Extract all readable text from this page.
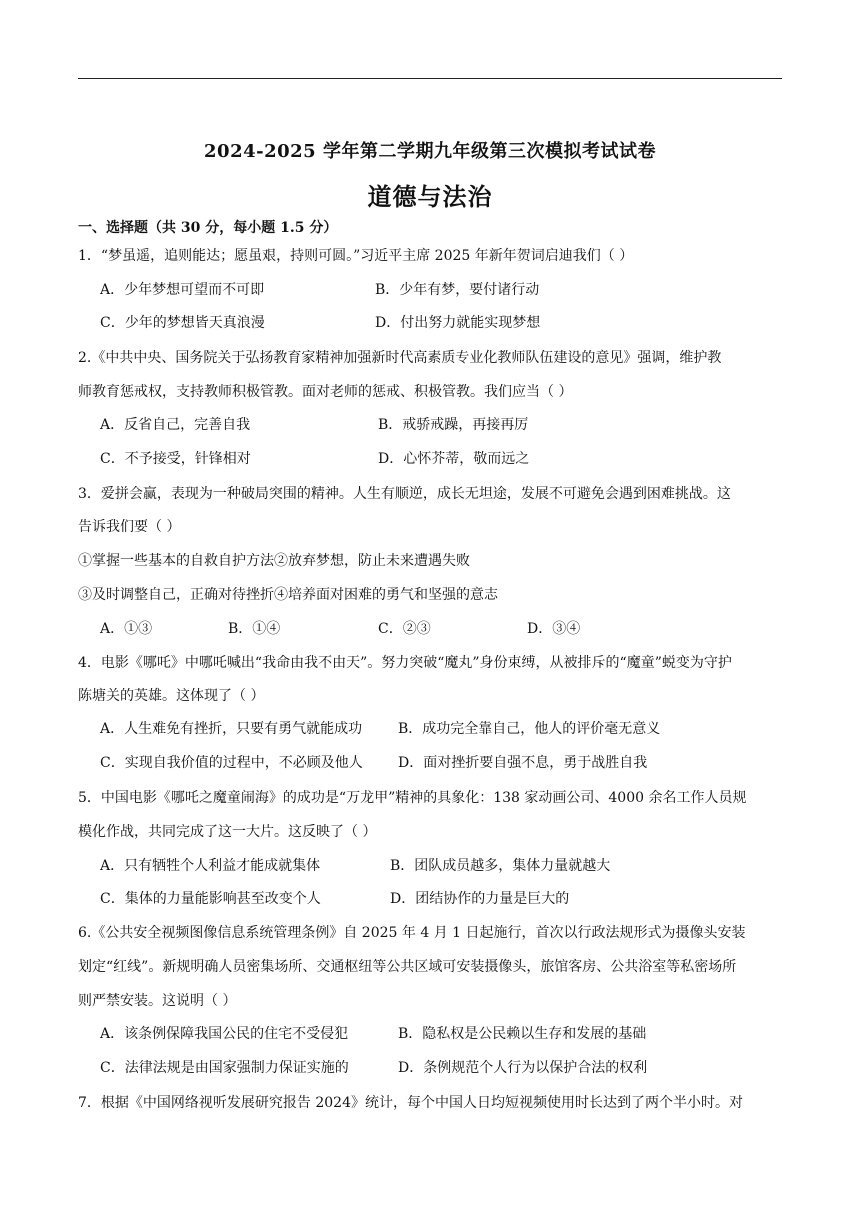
2024-2025 学年第二学期九年级第三次模拟考试试卷
道德与法治
一、选择题（共 30 分，每小题 1.5 分）
1．“梦虽遥，追则能达；愿虽艰，持则可圆。”习近平主席 2025 年新年贺词启迪我们（ ）
A．少年梦想可望而不可即	B．少年有梦，要付诸行动
C．少年的梦想皆天真浪漫	D．付出努力就能实现梦想
2.《中共中央、国务院关于弘扬教育家精神加强新时代高素质专业化教师队伍建设的意见》强调，维护教
师教育惩戒权，支持教师积极管教。面对老师的惩戒、积极管教。我们应当（ ）
A．反省自己，完善自我	B．戒骄戒躁，再接再厉
C．不予接受，针锋相对	D．心怀芥蒂，敬而远之
3．爱拼会赢，表现为一种破局突围的精神。人生有顺逆，成长无坦途，发展不可避免会遇到困难挑战。这
告诉我们要（ ）
①掌握一些基本的自救自护方法②放弃梦想，防止未来遭遇失败
③及时调整自己，正确对待挫折④培养面对困难的勇气和坚强的意志
A．①③	B．①④	C．②③	D．③④
4．电影《哪吒》中哪吒喊出“我命由我不由天”。努力突破“魔丸”身份束缚，从被排斥的“魔童”蜕变为守护
陈塘关的英雄。这体现了（ ）
A．人生难免有挫折，只要有勇气就能成功	B．成功完全靠自己，他人的评价毫无意义
C．实现自我价值的过程中，不必顾及他人	D．面对挫折要自强不息，勇于战胜自我
5．中国电影《哪吒之魔童闹海》的成功是“万龙甲”精神的具象化：138 家动画公司、4000 余名工作人员规
模化作战，共同完成了这一大片。这反映了（ ）
A．只有牺牲个人利益才能成就集体	B．团队成员越多，集体力量就越大
C．集体的力量能影响甚至改变个人	D．团结协作的力量是巨大的
6.《公共安全视频图像信息系统管理条例》自 2025 年 4 月 1 日起施行，首次以行政法规形式为摄像头安装
划定“红线”。新规明确人员密集场所、交通枢纽等公共区域可安装摄像头，旅馆客房、公共浴室等私密场所
则严禁安装。这说明（ ）
A．该条例保障我国公民的住宅不受侵犯	B．隐私权是公民赖以生存和发展的基础
C．法律法规是由国家强制力保证实施的	D．条例规范个人行为以保护合法的权利
7．根据《中国网络视听发展研究报告 2024》统计，每个中国人日均短视频使用时长达到了两个半小时。对
